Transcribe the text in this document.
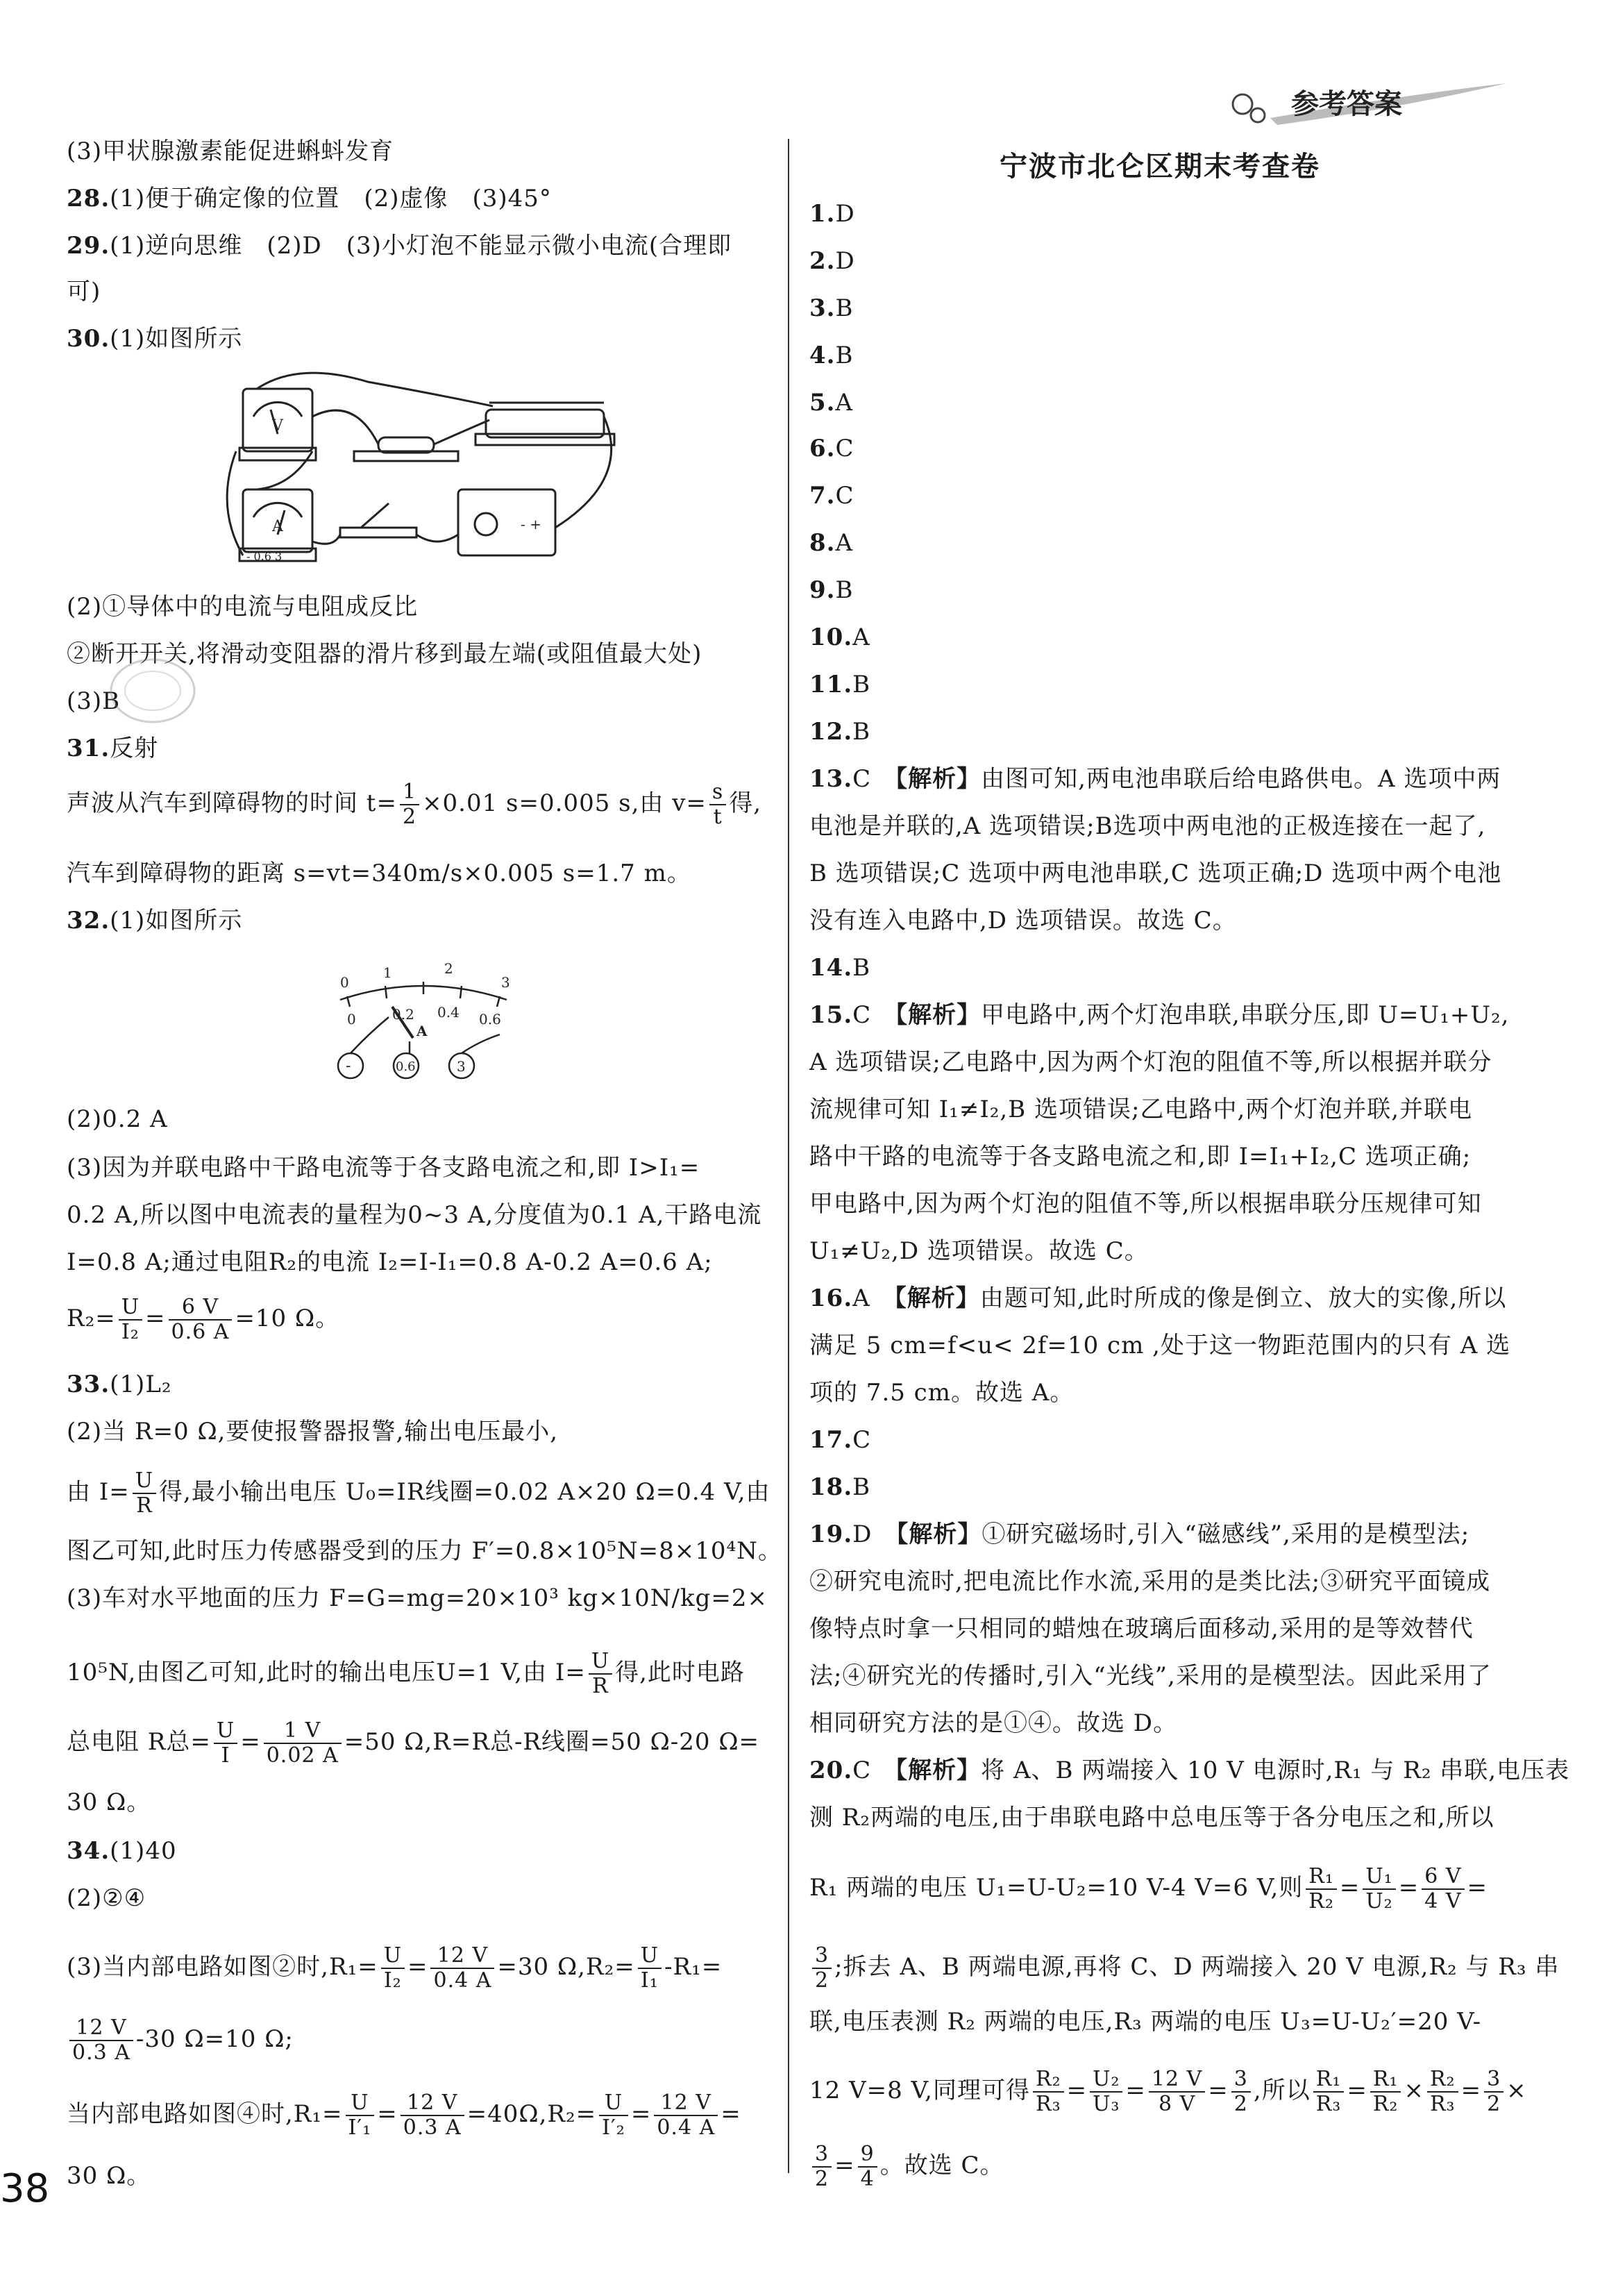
参考答案
(3)甲状腺激素能促进蝌蚪发育
28.(1)便于确定像的位置　(2)虚像　(3)45°
29.(1)逆向思维　(2)D　(3)小灯泡不能显示微小电流(合理即
可)
30.(1)如图所示
(2)①导体中的电流与电阻成反比
②断开开关,将滑动变阻器的滑片移到最左端(或阻值最大处)
(3)B
31.反射
声波从汽车到障碍物的时间 $t= \frac{1}{2} \times 0.01$ s=0.005 s,由 $v= \frac{s}{t}$ 得,
汽车到障碍物的距离 s=vt=340m/s×0.005 s=1.7 m。
32.(1)如图所示
(2)0.2 A
(3)因为并联电路中干路电流等于各支路电流之和,即 I>I₁=
0.2 A,所以图中电流表的量程为0~3 A,分度值为0.1 A,干路电流
I=0.8 A;通过电阻R₂的电流 I₂=I-I₁=0.8 A-0.2 A=0.6 A;
$R_2= \frac{U}{\text{I₂}} = \frac{6 V}{0.6 A} =10$ Ω。
33.(1)L₂
(2)当 R=0 Ω,要使报警器报警,输出电压最小,
由 $I= \frac{U}{R}$ 得,最小输出电压 U₀=IR线圈=0.02 A×20 Ω=0.4 V,由
图乙可知,此时压力传感器受到的压力 F′=0.8×10⁵N=8×10⁴N。
(3)车对水平地面的压力 F=G=mg=20×10³ kg×10N/kg=2×
10⁵N,由图乙可知,此时的输出电压U=1 V,由 $I= \frac{U}{R}$ 得,此时电路
总电阻 R总= $\frac{U}{I} = \frac{1 V}{0.02 A} =50$ Ω,R=R总-R线圈=50 Ω-20 Ω=
30 Ω。
34.(1)40
(2)②④
(3)当内部电路如图②时$,R_1= \frac{U}{\text{I₂}} = \frac{12 V}{0.4 A} =30$ $\Omega,R_2= \frac{U}{\text{I₁}} -R_1=$
$\frac{12 V}{0.3 A} -30$ Ω=10 Ω;
当内部电路如图④时$,R_1= \frac{U}{\text{I′₁}} = \frac{12 V}{0.3 A} =40\Omega,R_2= \frac{U}{\text{I′₂}} = \frac{12 V}{0.4 A}$ =
30 Ω。
V
A
- 0.6 3
- +
0
1	2
3
0	0.2 0.4 0.6
A
-	0.6	3
宁波市北仑区期末考查卷
1.D
2.D
3.B
4.B
5.A
6.C
7.C
8.A
9.B
10.A
11.B
12.B
13.C　【解析】由图可知,两电池串联后给电路供电。A 选项中两
电池是并联的,A 选项错误;B选项中两电池的正极连接在一起了,
B 选项错误;C 选项中两电池串联,C 选项正确;D 选项中两个电池
没有连入电路中,D 选项错误。故选 C。
14.B
15.C　【解析】甲电路中,两个灯泡串联,串联分压,即 U=U₁+U₂,
A 选项错误;乙电路中,因为两个灯泡的阻值不等,所以根据并联分
流规律可知 I₁≠I₂,B 选项错误;乙电路中,两个灯泡并联,并联电
路中干路的电流等于各支路电流之和,即 I=I₁+I₂,C 选项正确;
甲电路中,因为两个灯泡的阻值不等,所以根据串联分压规律可知
U₁≠U₂,D 选项错误。故选 C。
16.A　【解析】由题可知,此时所成的像是倒立、放大的实像,所以
满足 5 cm=f<u< 2f=10 cm ,处于这一物距范围内的只有 A 选
项的 7.5 cm。故选 A。
17.C
18.B
19.D　【解析】①研究磁场时,引入“磁感线”,采用的是模型法;
②研究电流时,把电流比作水流,采用的是类比法;③研究平面镜成
像特点时拿一只相同的蜡烛在玻璃后面移动,采用的是等效替代
法;④研究光的传播时,引入“光线”,采用的是模型法。因此采用了
相同研究方法的是①④。故选 D。
20.C　【解析】将 A、B 两端接入 10 V 电源时,R₁ 与 R₂ 串联,电压表
测 R₂两端的电压,由于串联电路中总电压等于各分电压之和,所以
R₁ 两端的电压 U₁=U-U₂=10 V-4 V=6 V,则 $\frac{\text{R₁}}{\text{R₂}} = \frac{\text{U₁}}{\text{U₂}} = \frac{6 V}{4 V}$ =
$\frac{3}{2}$ ;拆去 A、B 两端电源,再将 C、D 两端接入 20 V 电源,R₂ 与 R₃ 串
联,电压表测 R₂ 两端的电压,R₃ 两端的电压 U₃=U-U₂′=20 V-
12 V=8 V,同理可得 $\frac{\text{R₂}}{\text{R₃}} = \frac{\text{U₂}}{\text{U₃}} = \frac{12 V}{8 V} = \frac{3}{2}$ ,所以 $\frac{\text{R₁}}{\text{R₃}} = \frac{\text{R₁}}{\text{R₂}} \times \frac{\text{R₂}}{\text{R₃}} = \frac{3}{2}$ ×
$\frac{3}{2} = \frac{9}{4}$ 。故选 C。
38
